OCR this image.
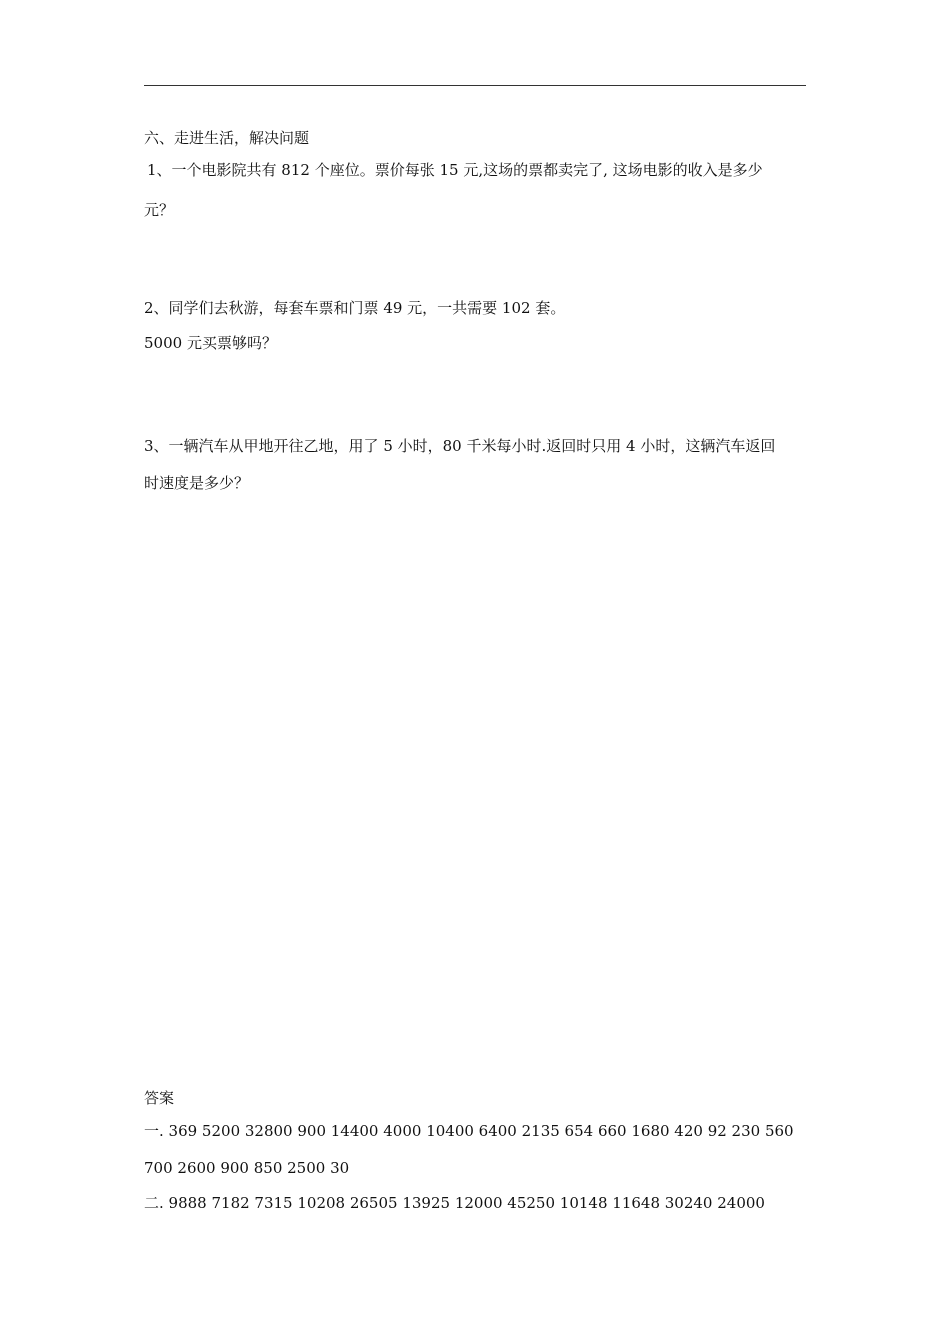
六、走进生活，解决问题
1、一个电影院共有 812 个座位。票价每张 15 元,这场的票都卖完了, 这场电影的收入是多少
元？
2、同学们去秋游，每套车票和门票 49 元，一共需要 102 套。
5000 元买票够吗？
3、一辆汽车从甲地开往乙地，用了 5 小时，80 千米每小时.返回时只用 4 小时，这辆汽车返回
时速度是多少？
答案
一. 369 5200 32800 900 14400 4000 10400 6400 2135 654 660 1680 420 92 230 560
700 2600 900 850 2500 30
二. 9888 7182 7315 10208 26505 13925 12000 45250 10148 11648 30240 24000
